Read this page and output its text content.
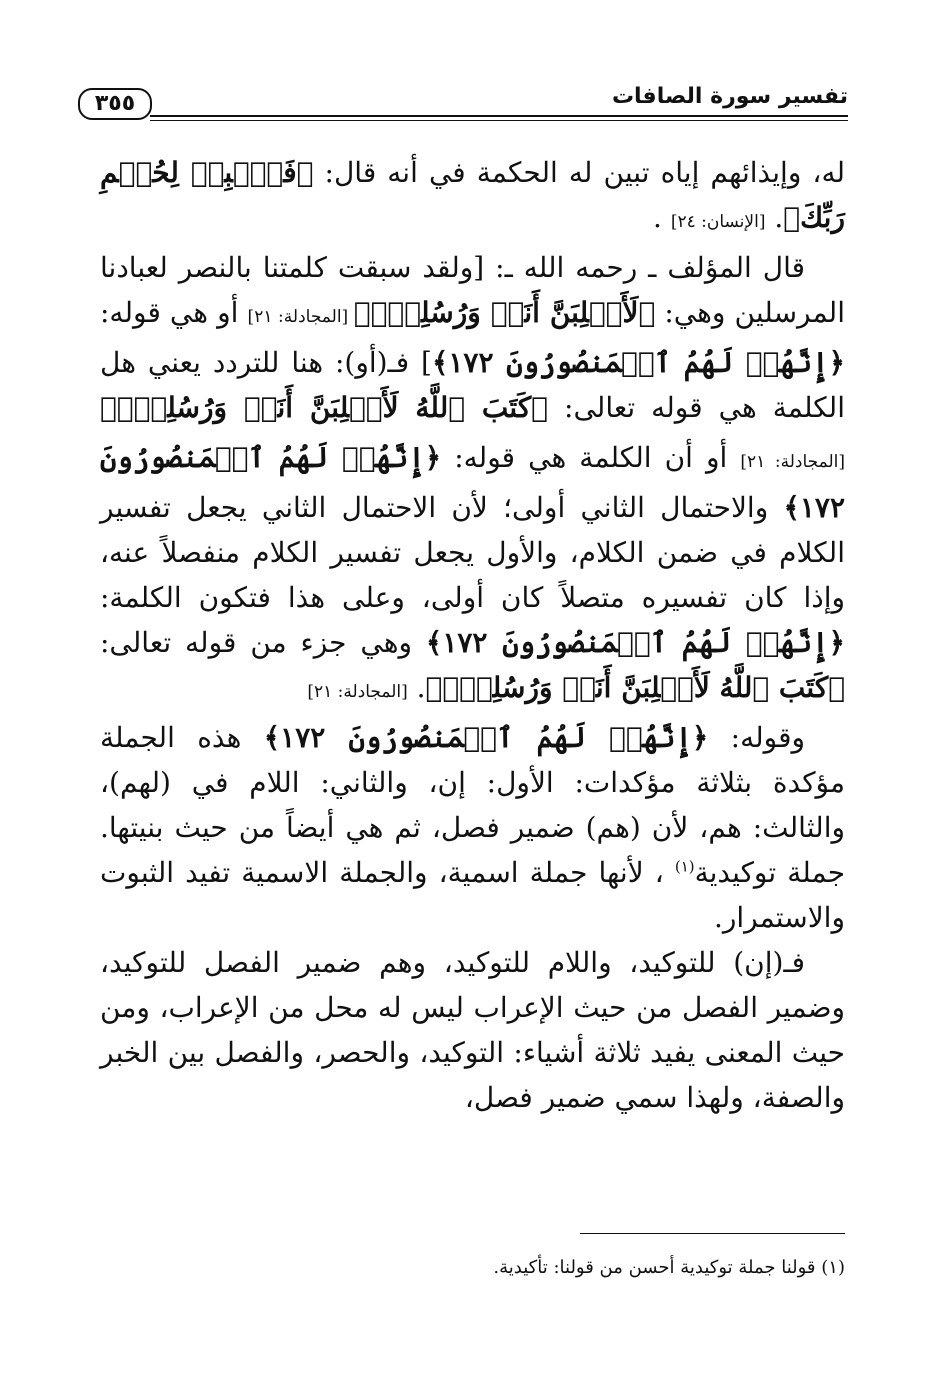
٣٥٥	تفسير سورة الصافات

له، وإيذائهم إياه تبين له الحكمة في أنه قال: ﴿فَٱصۡبِرۡ لِحُكۡمِ رَبِّكَ﴾. [الإنسان: ٢٤] .

قال المؤلف ـ رحمه الله ـ: [ولقد سبقت كلمتنا بالنصر لعبادنا المرسلين وهي: ﴿لَأَغۡلِبَنَّ أَنَا۠ وَرُسُلِيٓۚ﴾ [المجادلة: ٢١] أو هي قوله: ﴿إِنَّهُمۡ لَهُمُ ٱلۡمَنصُورُونَ ١٧٢﴾] فـ(أو): هنا للتردد يعني هل الكلمة هي قوله تعالى: ﴿كَتَبَ ٱللَّهُ لَأَغۡلِبَنَّ أَنَا۠ وَرُسُلِيٓۚ﴾ [المجادلة: ٢١] أو أن الكلمة هي قوله: ﴿إِنَّهُمۡ لَهُمُ ٱلۡمَنصُورُونَ ١٧٢﴾ والاحتمال الثاني أولى؛ لأن الاحتمال الثاني يجعل تفسير الكلام في ضمن الكلام، والأول يجعل تفسير الكلام منفصلاً عنه، وإذا كان تفسيره متصلاً كان أولى، وعلى هذا فتكون الكلمة: ﴿إِنَّهُمۡ لَهُمُ ٱلۡمَنصُورُونَ ١٧٢﴾ وهي جزء من قوله تعالى: ﴿كَتَبَ ٱللَّهُ لَأَغۡلِبَنَّ أَنَا۠ وَرُسُلِيٓۚ﴾. [المجادلة: ٢١]

وقوله: ﴿إِنَّهُمۡ لَهُمُ ٱلۡمَنصُورُونَ ١٧٢﴾ هذه الجملة مؤكدة بثلاثة مؤكدات: الأول: إن، والثاني: اللام في (لهم)، والثالث: هم، لأن (هم) ضمير فصل، ثم هي أيضاً من حيث بنيتها. جملة توكيدية$^{(١)}$ ، لأنها جملة اسمية، والجملة الاسمية تفيد الثبوت والاستمرار.

فـ(إن) للتوكيد، واللام للتوكيد، وهم ضمير الفصل للتوكيد، وضمير الفصل من حيث الإعراب ليس له محل من الإعراب، ومن حيث المعنى يفيد ثلاثة أشياء: التوكيد، والحصر، والفصل بين الخبر والصفة، ولهذا سمي ضمير فصل،

(١) قولنا جملة توكيدية أحسن من قولنا: تأكيدية.
